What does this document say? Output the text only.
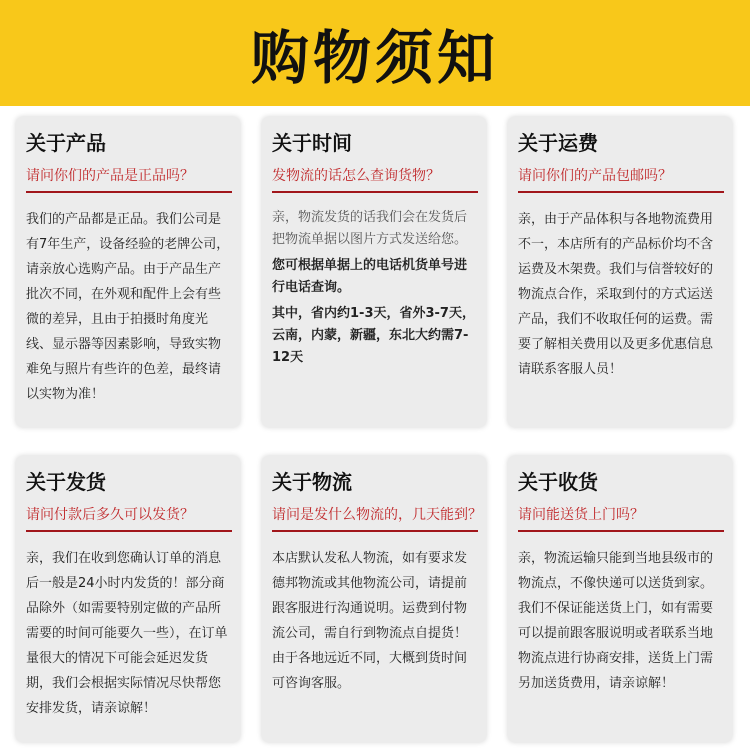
购物须知
关于产品
请问你们的产品是正品吗？

我们的产品都是正品。我们公司是有7年生产，设备经验的老牌公司，请亲放心选购产品。由于产品生产批次不同，在外观和配件上会有些微的差异，且由于拍摄时角度光线、显示器等因素影响，导致实物难免与照片有些许的色差，最终请以实物为准！

关于时间
发物流的话怎么查询货物？

亲，物流发货的话我们会在发货后把物流单据以图片方式发送给您。

您可根据单据上的电话机货单号进行电话查询。

其中，省内约1-3天，省外3-7天，云南，内蒙，新疆，东北大约需7-12天

关于运费
请问你们的产品包邮吗？

亲，由于产品体积与各地物流费用不一，本店所有的产品标价均不含运费及木架费。我们与信誉较好的物流点合作，采取到付的方式运送产品，我们不收取任何的运费。需要了解相关费用以及更多优惠信息请联系客服人员！

关于发货
请问付款后多久可以发货？

亲，我们在收到您确认订单的消息后一般是24小时内发货的！部分商品除外（如需要特别定做的产品所需要的时间可能要久一些），在订单量很大的情况下可能会延迟发货期，我们会根据实际情况尽快帮您安排发货，请亲谅解！

关于物流
请问是发什么物流的，几天能到？

本店默认发私人物流，如有要求发德邦物流或其他物流公司，请提前跟客服进行沟通说明。运费到付物流公司，需自行到物流点自提货！由于各地远近不同，大概到货时间可咨询客服。

关于收货
请问能送货上门吗？

亲，物流运输只能到当地县级市的物流点，不像快递可以送货到家。我们不保证能送货上门，如有需要可以提前跟客服说明或者联系当地物流点进行协商安排，送货上门需另加送货费用，请亲谅解！
